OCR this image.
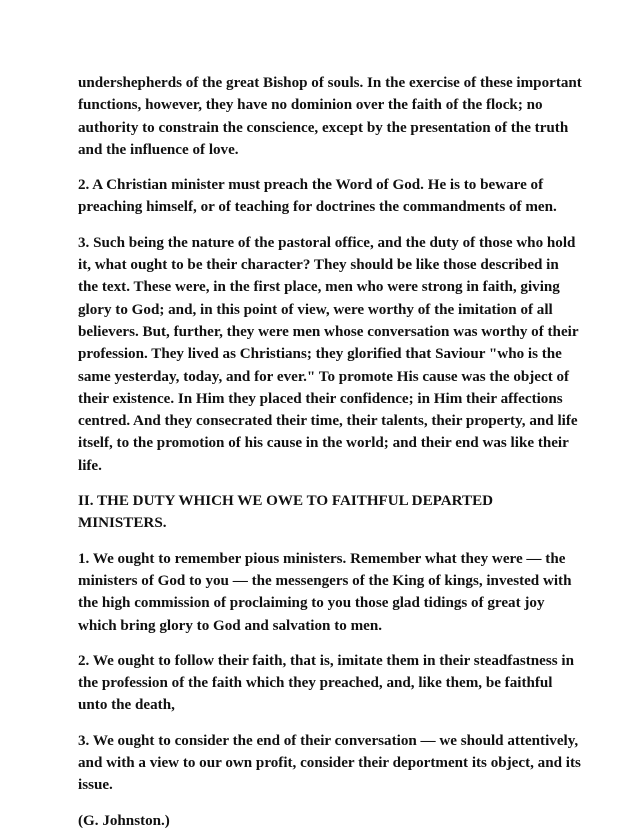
undershepherds of the great Bishop of souls. In the exercise of these important
functions, however, they have no dominion over the faith of the flock; no
authority to constrain the conscience, except by the presentation of the truth
and the influence of love.

2. A Christian minister must preach the Word of God. He is to beware of
preaching himself, or of teaching for doctrines the commandments of men.

3. Such being the nature of the pastoral office, and the duty of those who hold
it, what ought to be their character? They should be like those described in
the text. These were, in the first place, men who were strong in faith, giving
glory to God; and, in this point of view, were worthy of the imitation of all
believers. But, further, they were men whose conversation was worthy of their
profession. They lived as Christians; they glorified that Saviour "who is the
same yesterday, today, and for ever." To promote His cause was the object of
their existence. In Him they placed their confidence; in Him their affections
centred. And they consecrated their time, their talents, their property, and life
itself, to the promotion of his cause in the world; and their end was like their
life.

II. THE DUTY WHICH WE OWE TO FAITHFUL DEPARTED
MINISTERS.

1. We ought to remember pious ministers. Remember what they were — the
ministers of God to you — the messengers of the King of kings, invested with
the high commission of proclaiming to you those glad tidings of great joy
which bring glory to God and salvation to men.

2. We ought to follow their faith, that is, imitate them in their steadfastness in
the profession of the faith which they preached, and, like them, be faithful
unto the death,

3. We ought to consider the end of their conversation — we should attentively,
and with a view to our own profit, consider their deportment its object, and its
issue.

(G. Johnston.)
